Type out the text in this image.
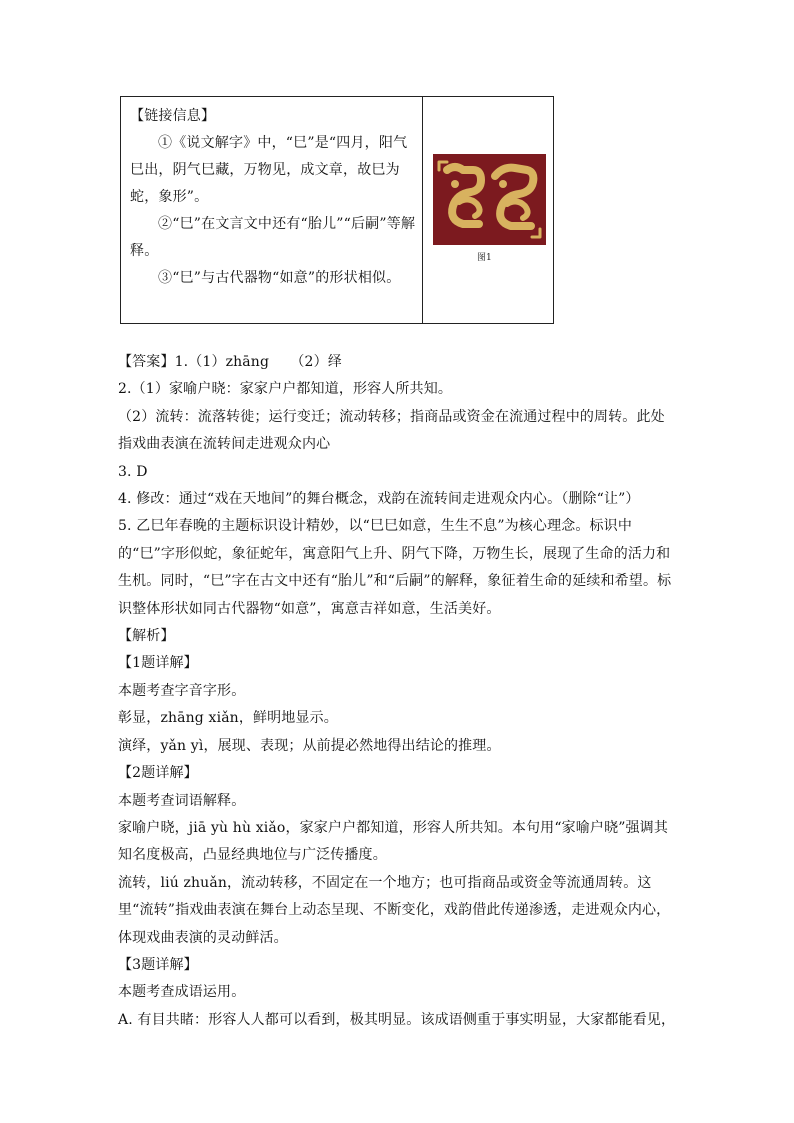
【链接信息】

①《说文解字》中，“巳”是“四月，阳气巳出，阴气巳藏，万物见，成文章，故巳为蛇，象形”。

②“巳”在文言文中还有“胎儿”“后嗣”等解释。

③“巳”与古代器物“如意”的形状相似。

图1

【答案】1.（1）zhāng　　（2）绎

2.（1）家喻户晓：家家户户都知道，形容人所共知。

（2）流转：流落转徙；运行变迁；流动转移；指商品或资金在流通过程中的周转。此处指戏曲表演在流转间走进观众内心

3. D

4. 修改：通过“戏在天地间”的舞台概念，戏韵在流转间走进观众内心。（删除“让”）

5. 乙巳年春晚的主题标识设计精妙，以“巳巳如意，生生不息”为核心理念。标识中的“巳”字形似蛇，象征蛇年，寓意阳气上升、阴气下降，万物生长，展现了生命的活力和生机。同时，“巳”字在古文中还有“胎儿”和“后嗣”的解释，象征着生命的延续和希望。标识整体形状如同古代器物“如意”，寓意吉祥如意，生活美好。

【解析】

【1题详解】

本题考查字音字形。

彰显，zhāng xiǎn，鲜明地显示。

演绎，yǎn yì，展现、表现；从前提必然地得出结论的推理。

【2题详解】

本题考查词语解释。

家喻户晓，jiā yù hù xiǎo，家家户户都知道，形容人所共知。本句用“家喻户晓”强调其知名度极高，凸显经典地位与广泛传播度。

流转，liú zhuǎn，流动转移，不固定在一个地方；也可指商品或资金等流通周转。这里“流转”指戏曲表演在舞台上动态呈现、不断变化，戏韵借此传递渗透，走进观众内心，体现戏曲表演的灵动鲜活。

【3题详解】

本题考查成语运用。

A. 有目共睹：形容人人都可以看到，极其明显。该成语侧重于事实明显，大家都能看见，
